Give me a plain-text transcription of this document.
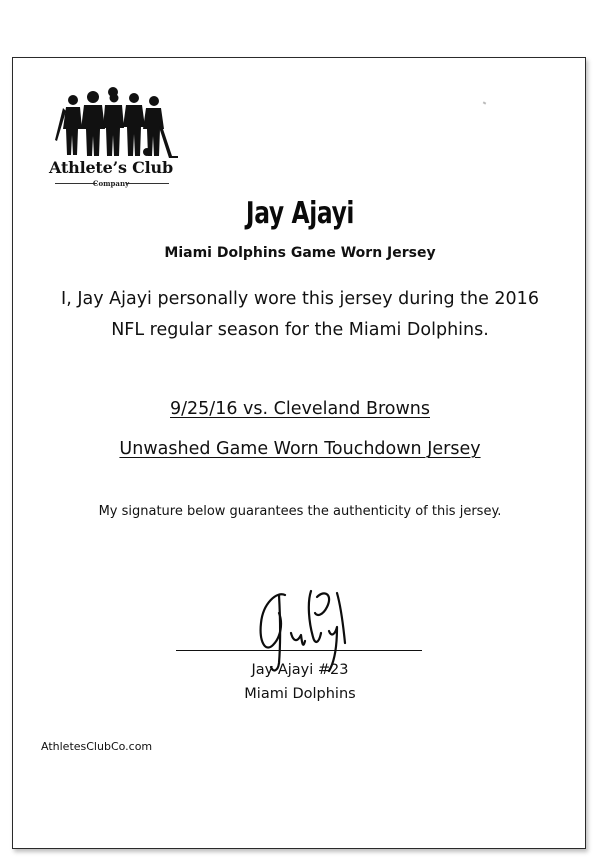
Athlete’s Club
Company
Jay Ajayi
Miami Dolphins Game Worn Jersey
I, Jay Ajayi personally wore this jersey during the 2016
NFL regular season for the Miami Dolphins.
9/25/16 vs. Cleveland Browns
Unwashed Game Worn Touchdown Jersey
My signature below guarantees the authenticity of this jersey.
Jay Ajayi #23
Miami Dolphins
AthletesClubCo.com
